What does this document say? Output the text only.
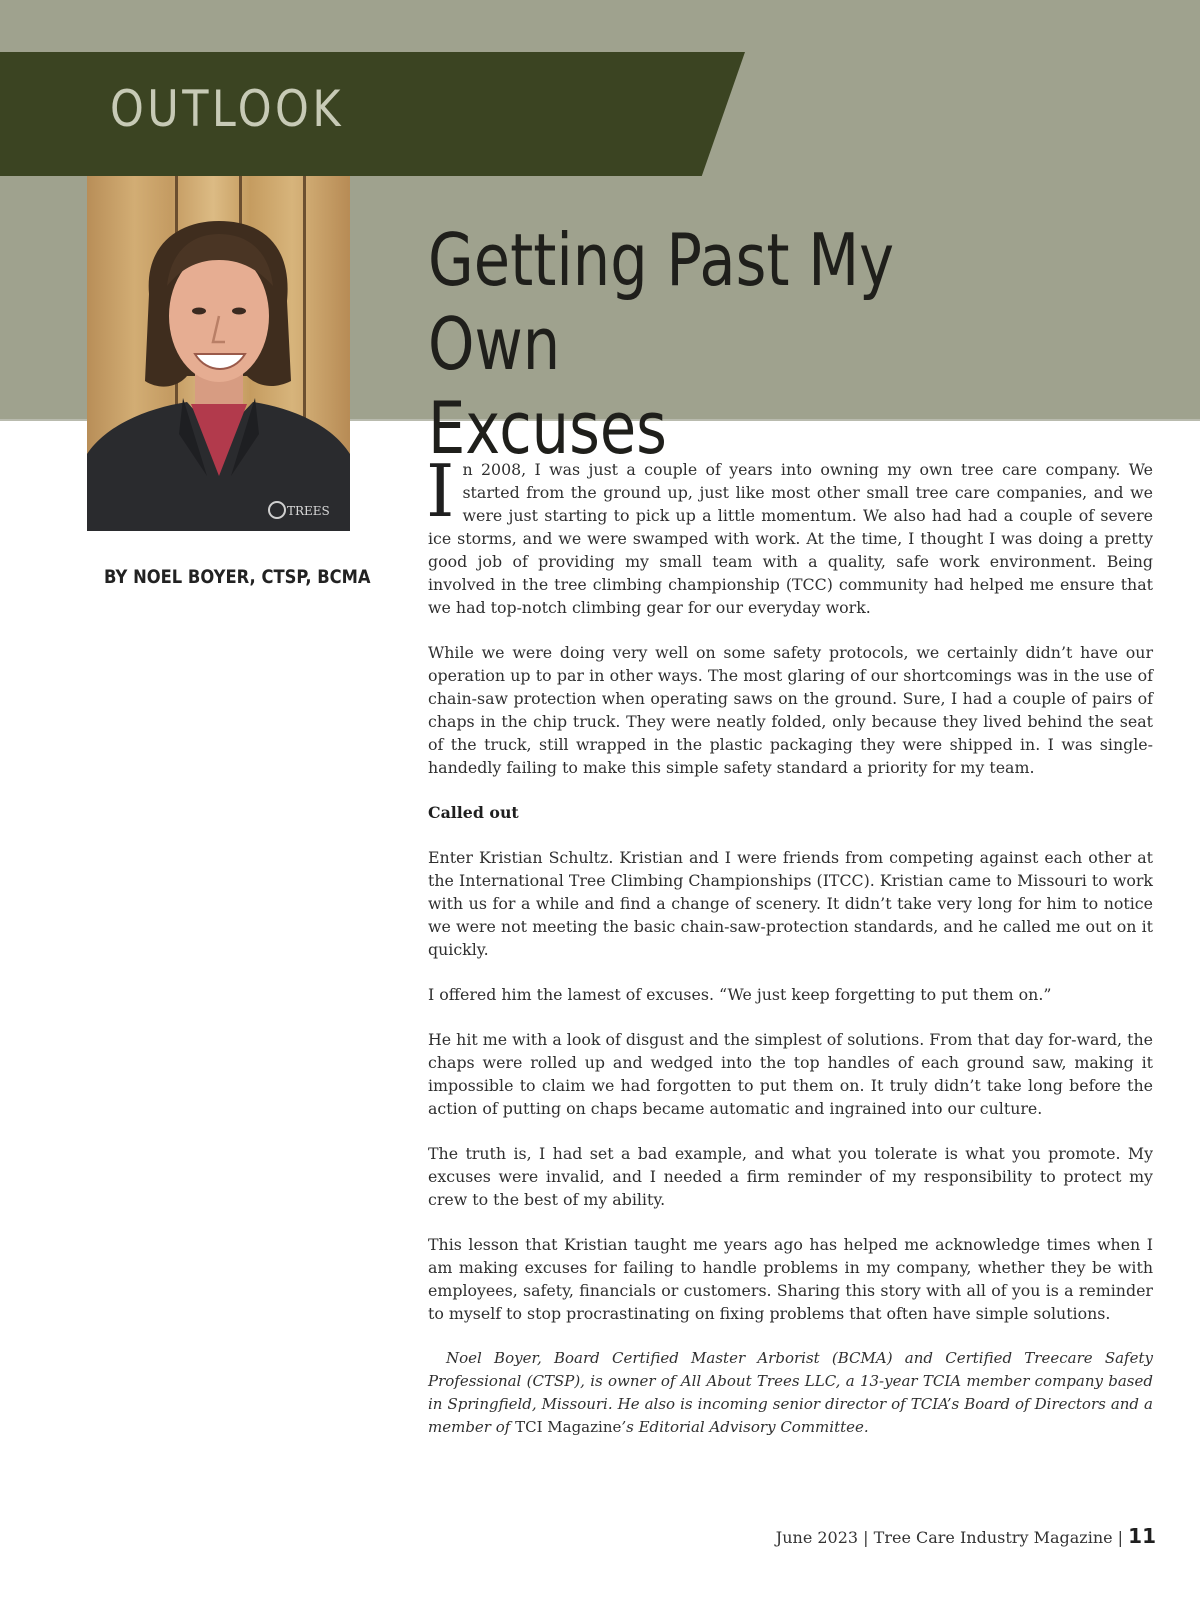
OUTLOOK
TREES
BY NOEL BOYER, CTSP, BCMA
Getting Past My Own
Excuses

In 2008, I was just a couple of years into owning my own tree care company. We started from the ground up, just like most other small tree care companies, and we were just starting to pick up a little momentum. We also had had a couple of severe ice storms, and we were swamped with work. At the time, I thought I was doing a pretty good job of providing my small team with a quality, safe work environment. Being involved in the tree climbing championship (TCC) community had helped me ensure that we had top-notch climbing gear for our everyday work.

While we were doing very well on some safety protocols, we certainly didn’t have our operation up to par in other ways. The most glaring of our shortcomings was in the use of chain-saw protection when operating saws on the ground. Sure, I had a couple of pairs of chaps in the chip truck. They were neatly folded, only because they lived behind the seat of the truck, still wrapped in the plastic packaging they were shipped in. I was single-handedly failing to make this simple safety standard a priority for my team.

Called out

Enter Kristian Schultz. Kristian and I were friends from competing against each other at the International Tree Climbing Championships (ITCC). Kristian came to Missouri to work with us for a while and find a change of scenery. It didn’t take very long for him to notice we were not meeting the basic chain-saw-protection standards, and he called me out on it quickly.

I offered him the lamest of excuses. “We just keep forgetting to put them on.”

He hit me with a look of disgust and the simplest of solutions. From that day for-ward, the chaps were rolled up and wedged into the top handles of each ground saw, making it impossible to claim we had forgotten to put them on. It truly didn’t take long before the action of putting on chaps became automatic and ingrained into our culture.

The truth is, I had set a bad example, and what you tolerate is what you promote. My excuses were invalid, and I needed a firm reminder of my responsibility to protect my crew to the best of my ability.

This lesson that Kristian taught me years ago has helped me acknowledge times when I am making excuses for failing to handle problems in my company, whether they be with employees, safety, financials or customers. Sharing this story with all of you is a reminder to myself to stop procrastinating on fixing problems that often have simple solutions.

Noel Boyer, Board Certified Master Arborist (BCMA) and Certified Treecare Safety Professional (CTSP), is owner of All About Trees LLC, a 13-year TCIA member company based in Springfield, Missouri. He also is incoming senior director of TCIA’s Board of Directors and a member of TCI Magazine’s Editorial Advisory Committee.

June 2023 | Tree Care Industry Magazine | 11
